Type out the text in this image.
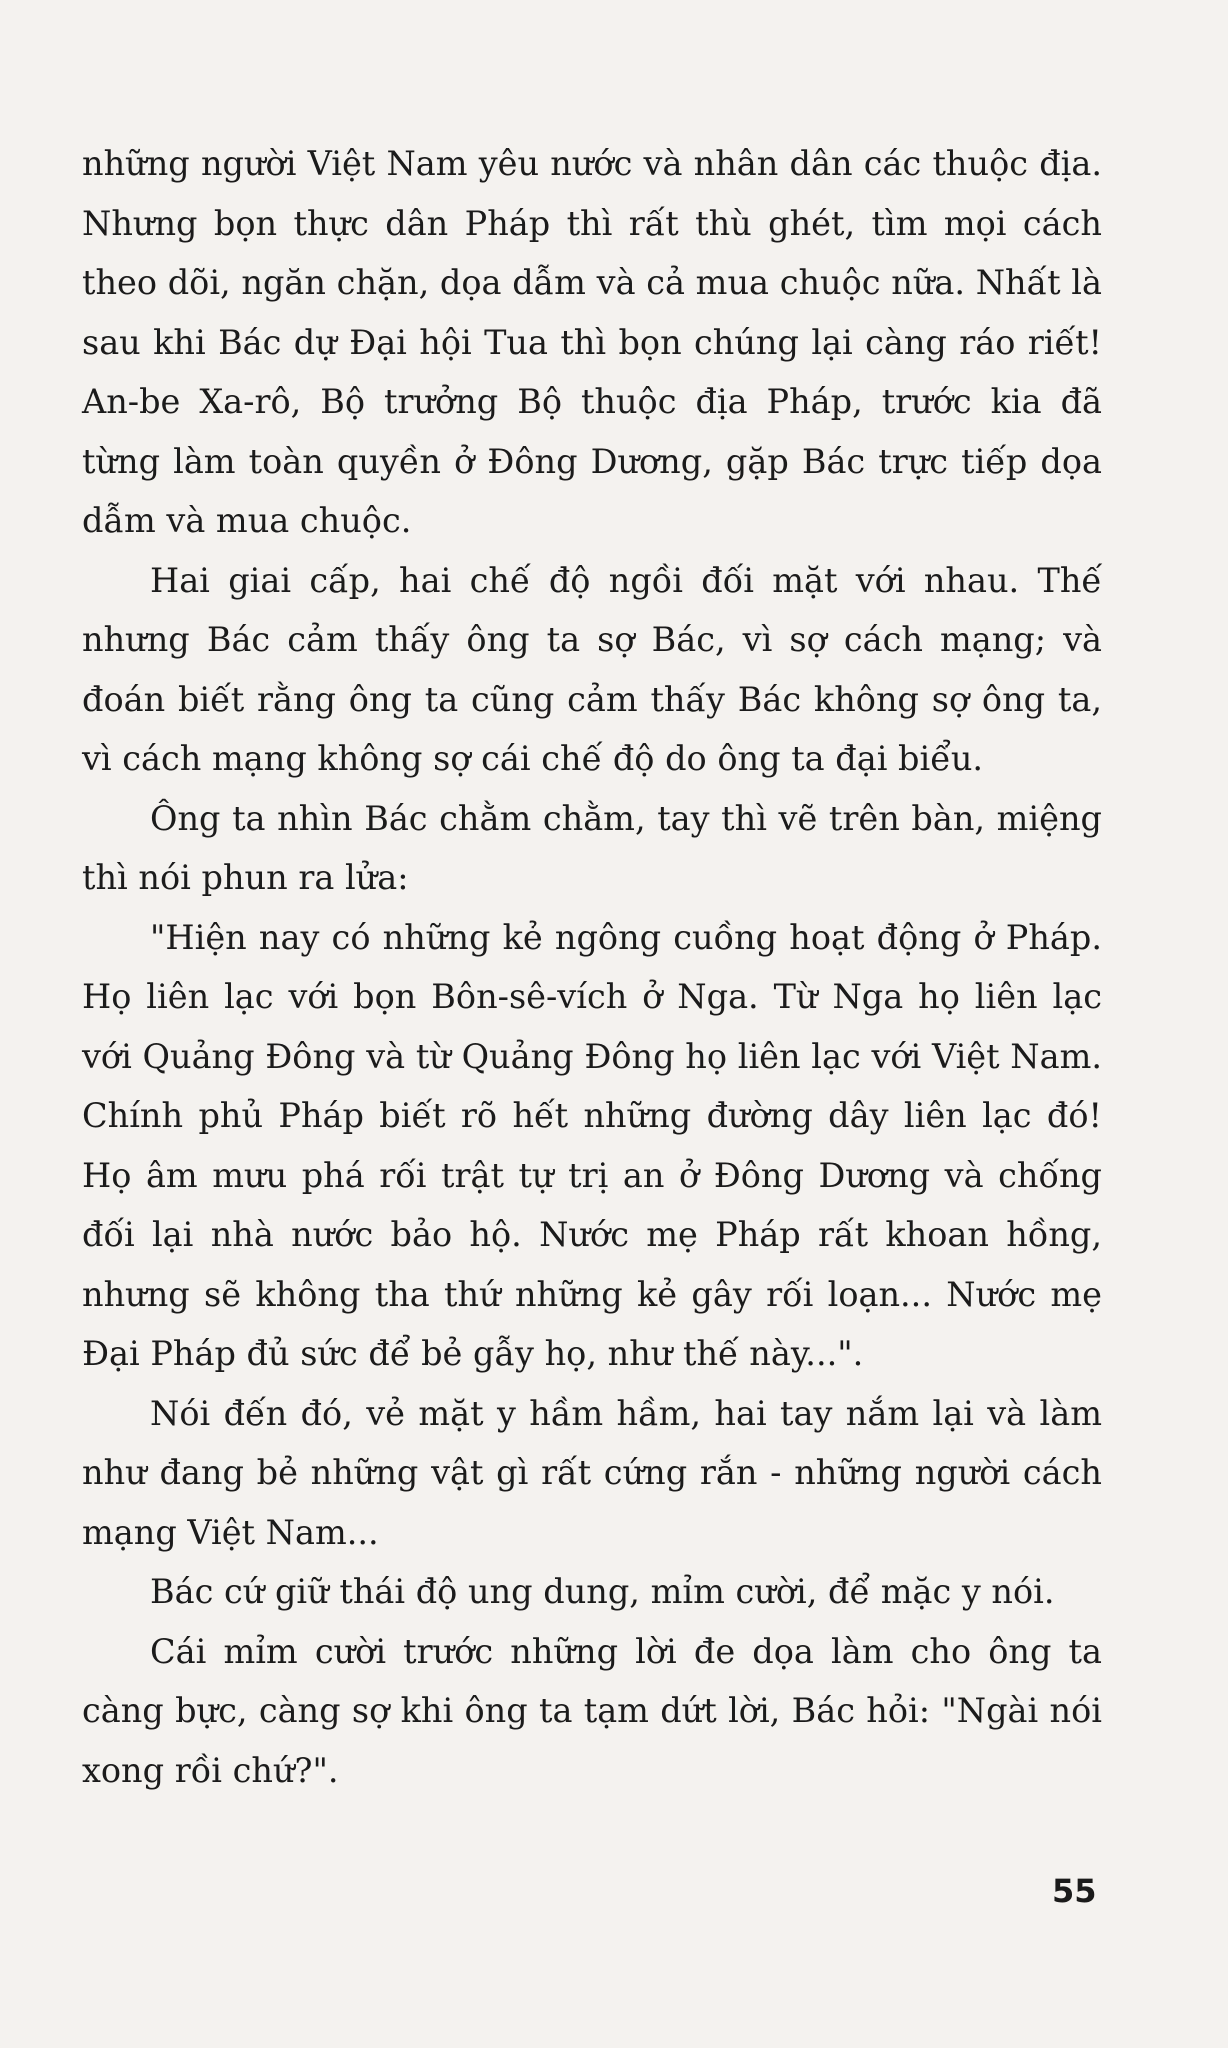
những người Việt Nam yêu nước và nhân dân các thuộc địa. Nhưng bọn thực dân Pháp thì rất thù ghét, tìm mọi cách theo dõi, ngăn chặn, dọa dẫm và cả mua chuộc nữa. Nhất là sau khi Bác dự Đại hội Tua thì bọn chúng lại càng ráo riết! An-be Xa-rô, Bộ trưởng Bộ thuộc địa Pháp, trước kia đã từng làm toàn quyền ở Đông Dương, gặp Bác trực tiếp dọa dẫm và mua chuộc.

Hai giai cấp, hai chế độ ngồi đối mặt với nhau. Thế nhưng Bác cảm thấy ông ta sợ Bác, vì sợ cách mạng; và đoán biết rằng ông ta cũng cảm thấy Bác không sợ ông ta, vì cách mạng không sợ cái chế độ do ông ta đại biểu.

Ông ta nhìn Bác chằm chằm, tay thì vẽ trên bàn, miệng thì nói phun ra lửa:

"Hiện nay có những kẻ ngông cuồng hoạt động ở Pháp. Họ liên lạc với bọn Bôn-sê-vích ở Nga. Từ Nga họ liên lạc với Quảng Đông và từ Quảng Đông họ liên lạc với Việt Nam. Chính phủ Pháp biết rõ hết những đường dây liên lạc đó! Họ âm mưu phá rối trật tự trị an ở Đông Dương và chống đối lại nhà nước bảo hộ. Nước mẹ Pháp rất khoan hồng, nhưng sẽ không tha thứ những kẻ gây rối loạn... Nước mẹ Đại Pháp đủ sức để bẻ gẫy họ, như thế này...".

Nói đến đó, vẻ mặt y hầm hầm, hai tay nắm lại và làm như đang bẻ những vật gì rất cứng rắn - những người cách mạng Việt Nam...

Bác cứ giữ thái độ ung dung, mỉm cười, để mặc y nói.

Cái mỉm cười trước những lời đe dọa làm cho ông ta càng bực, càng sợ khi ông ta tạm dứt lời, Bác hỏi: "Ngài nói xong rồi chứ?".

55
